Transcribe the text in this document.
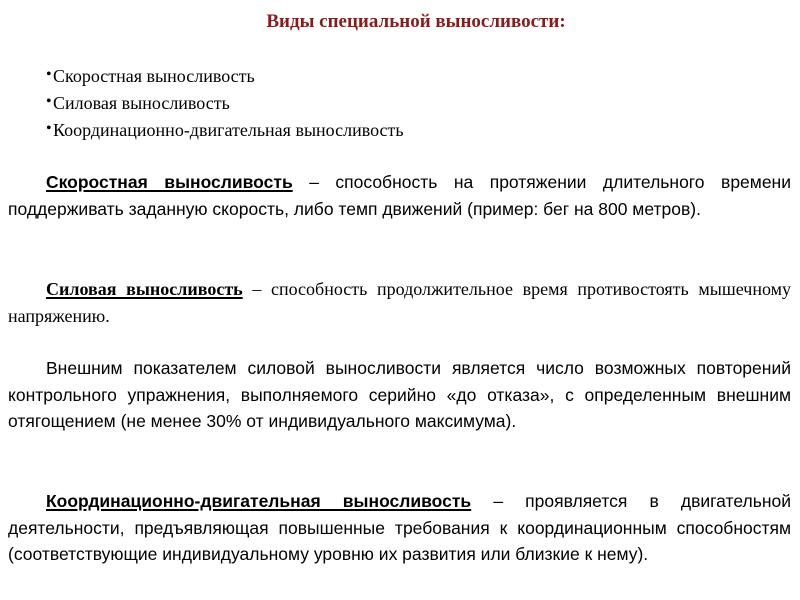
Виды специальной выносливости:
•Скоростная выносливость
•Силовая выносливость
•Координационно-двигательная выносливость

Скоростная выносливость – способность на протяжении длительного времени поддерживать заданную скорость, либо темп движений (пример: бег на 800 метров).

Силовая выносливость – способность продолжительное время противостоять мышечному напряжению.

Внешним показателем силовой выносливости является число возможных повторений контрольного упражнения, выполняемого серийно «до отказа», с определенным внешним отягощением (не менее 30% от индивидуального максимума).

Координационно-двигательная выносливость – проявляется в двигательной деятельности, предъявляющая повышенные требования к координационным способностям (соответствующие индивидуальному уровню их развития или близкие к нему).
